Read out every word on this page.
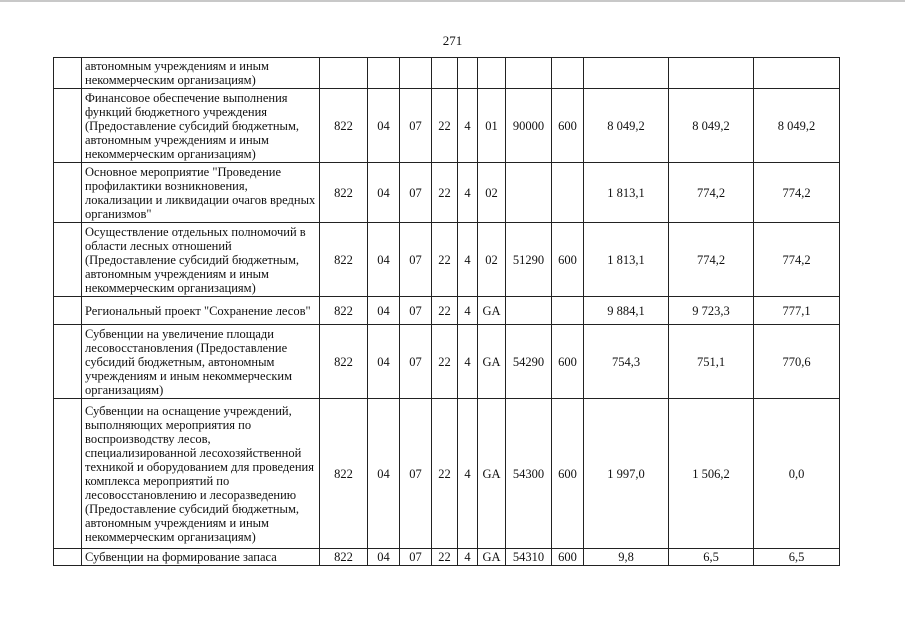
271
	автономным учреждениям и иным некоммерческим организациям)											
	Финансовое обеспечение выполнения функций бюджетного учреждения (Предоставление субсидий бюджетным, автономным учреждениям и иным некоммерческим организациям)	822	04	07	22	4	01	90000	600	8 049,2	8 049,2	8 049,2
	Основное мероприятие "Проведение профилактики возникновения, локализации и ликвидации очагов вредных организмов"	822	04	07	22	4	02			1 813,1	774,2	774,2
	Осуществление отдельных полномочий в области лесных отношений (Предоставление субсидий бюджетным, автономным учреждениям и иным некоммерческим организациям)	822	04	07	22	4	02	51290	600	1 813,1	774,2	774,2
	Региональный проект "Сохранение лесов"	822	04	07	22	4	GA			9 884,1	9 723,3	777,1
	Субвенции на увеличение площади лесовосстановления (Предоставление субсидий бюджетным, автономным учреждениям и иным некоммерческим организациям)	822	04	07	22	4	GA	54290	600	754,3	751,1	770,6
	Субвенции на оснащение учреждений, выполняющих мероприятия по воспроизводству лесов, специализированной лесохозяйственной техникой и оборудованием для проведения комплекса мероприятий по лесовосстановлению и лесоразведению (Предоставление субсидий бюджетным, автономным учреждениям и иным некоммерческим организациям)	822	04	07	22	4	GA	54300	600	1 997,0	1 506,2	0,0
	Субвенции на формирование запаса	822	04	07	22	4	GA	54310	600	9,8	6,5	6,5
